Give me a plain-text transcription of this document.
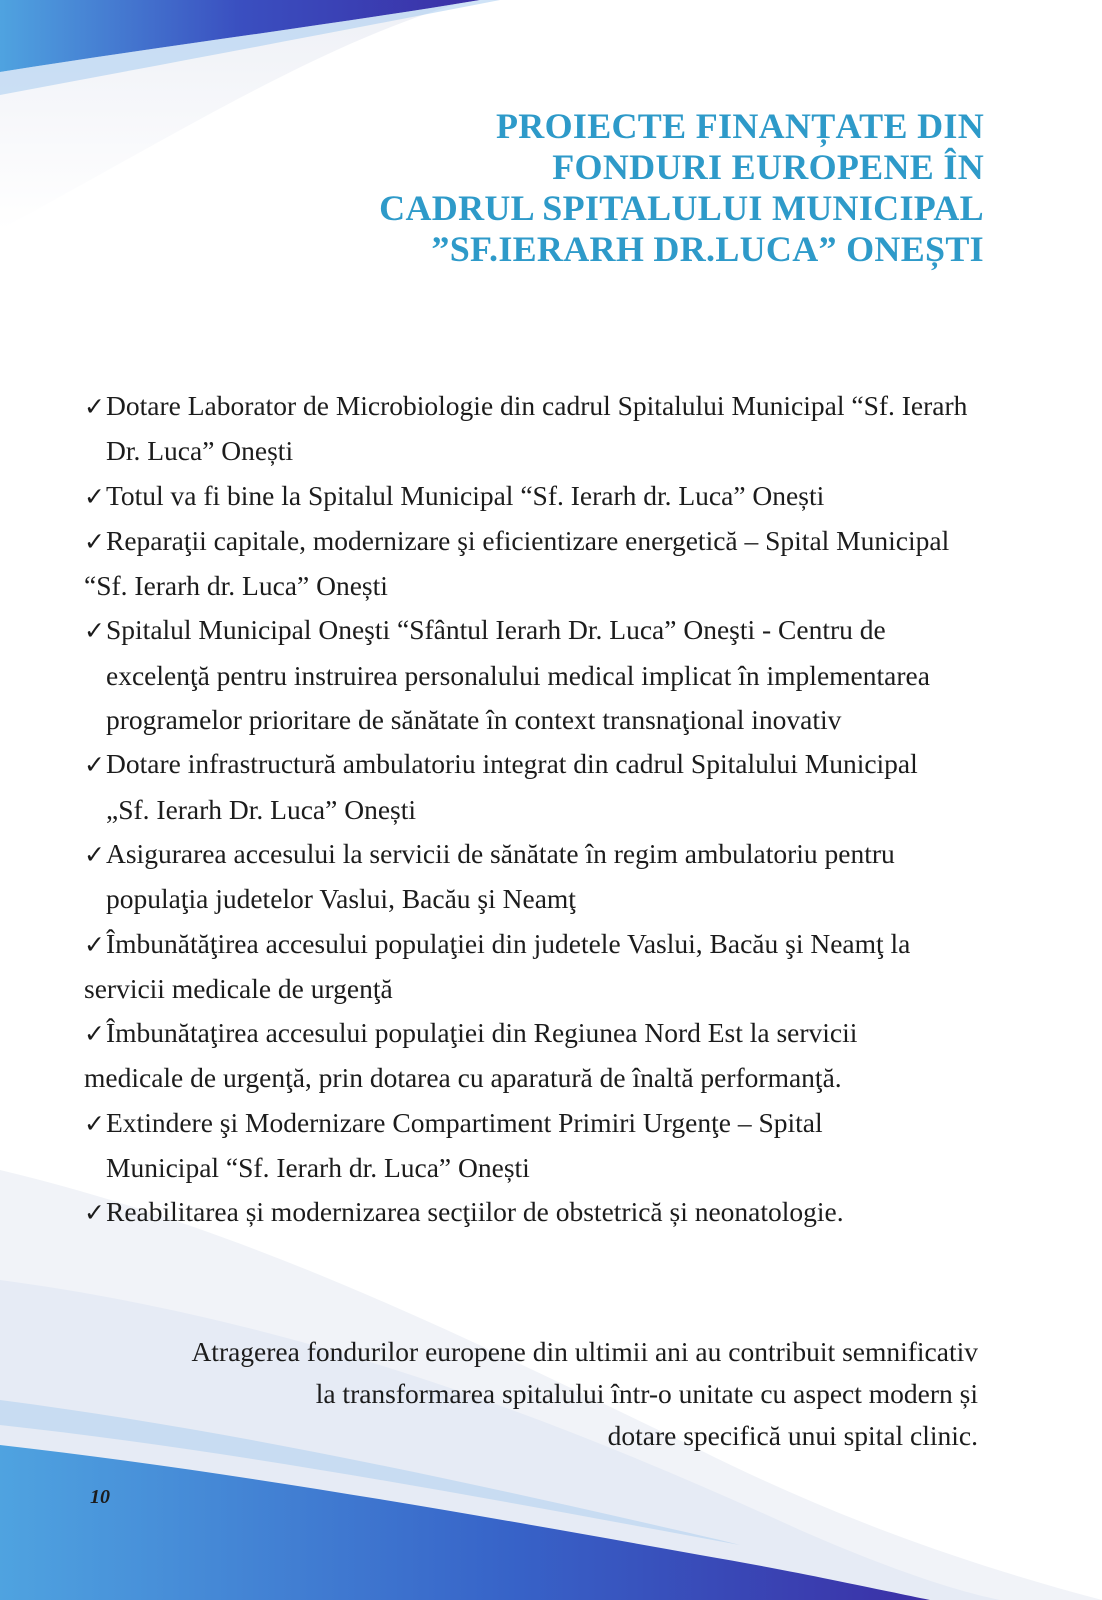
PROIECTE FINANȚATE DIN
FONDURI EUROPENE ÎN
CADRUL SPITALULUI MUNICIPAL
”SF.IERARH DR.LUCA” ONEȘTI

✓Dotare Laborator de Microbiologie din cadrul Spitalului Municipal “Sf. Ierarh
Dr. Luca” Onești

✓Totul va fi bine la Spitalul Municipal “Sf. Ierarh dr. Luca” Onești

✓Reparaţii capitale, modernizare şi eficientizare energetică – Spital Municipal
“Sf. Ierarh dr. Luca” Onești

✓Spitalul Municipal Oneşti “Sfântul Ierarh Dr. Luca” Oneşti - Centru de
excelenţă pentru instruirea personalului medical implicat în implementarea
programelor prioritare de sănătate în context transnaţional inovativ

✓Dotare infrastructură ambulatoriu integrat din cadrul Spitalului Municipal
„Sf. Ierarh Dr. Luca” Onești

✓Asigurarea accesului la servicii de sănătate în regim ambulatoriu pentru
populaţia judetelor Vaslui, Bacău şi Neamţ

✓Îmbunătăţirea accesului populaţiei din judetele Vaslui, Bacău şi Neamţ la
servicii medicale de urgenţă

✓Îmbunătaţirea accesului populaţiei din Regiunea Nord Est la servicii
medicale de urgenţă, prin dotarea cu aparatură de înaltă performanţă.

✓Extindere şi Modernizare Compartiment Primiri Urgenţe – Spital
Municipal “Sf. Ierarh dr. Luca” Onești

✓Reabilitarea și modernizarea secţiilor de obstetrică și neonatologie.

Atragerea fondurilor europene din ultimii ani au contribuit semnificativ
la transformarea spitalului într-o unitate cu aspect modern și
dotare specifică unui spital clinic.
10
